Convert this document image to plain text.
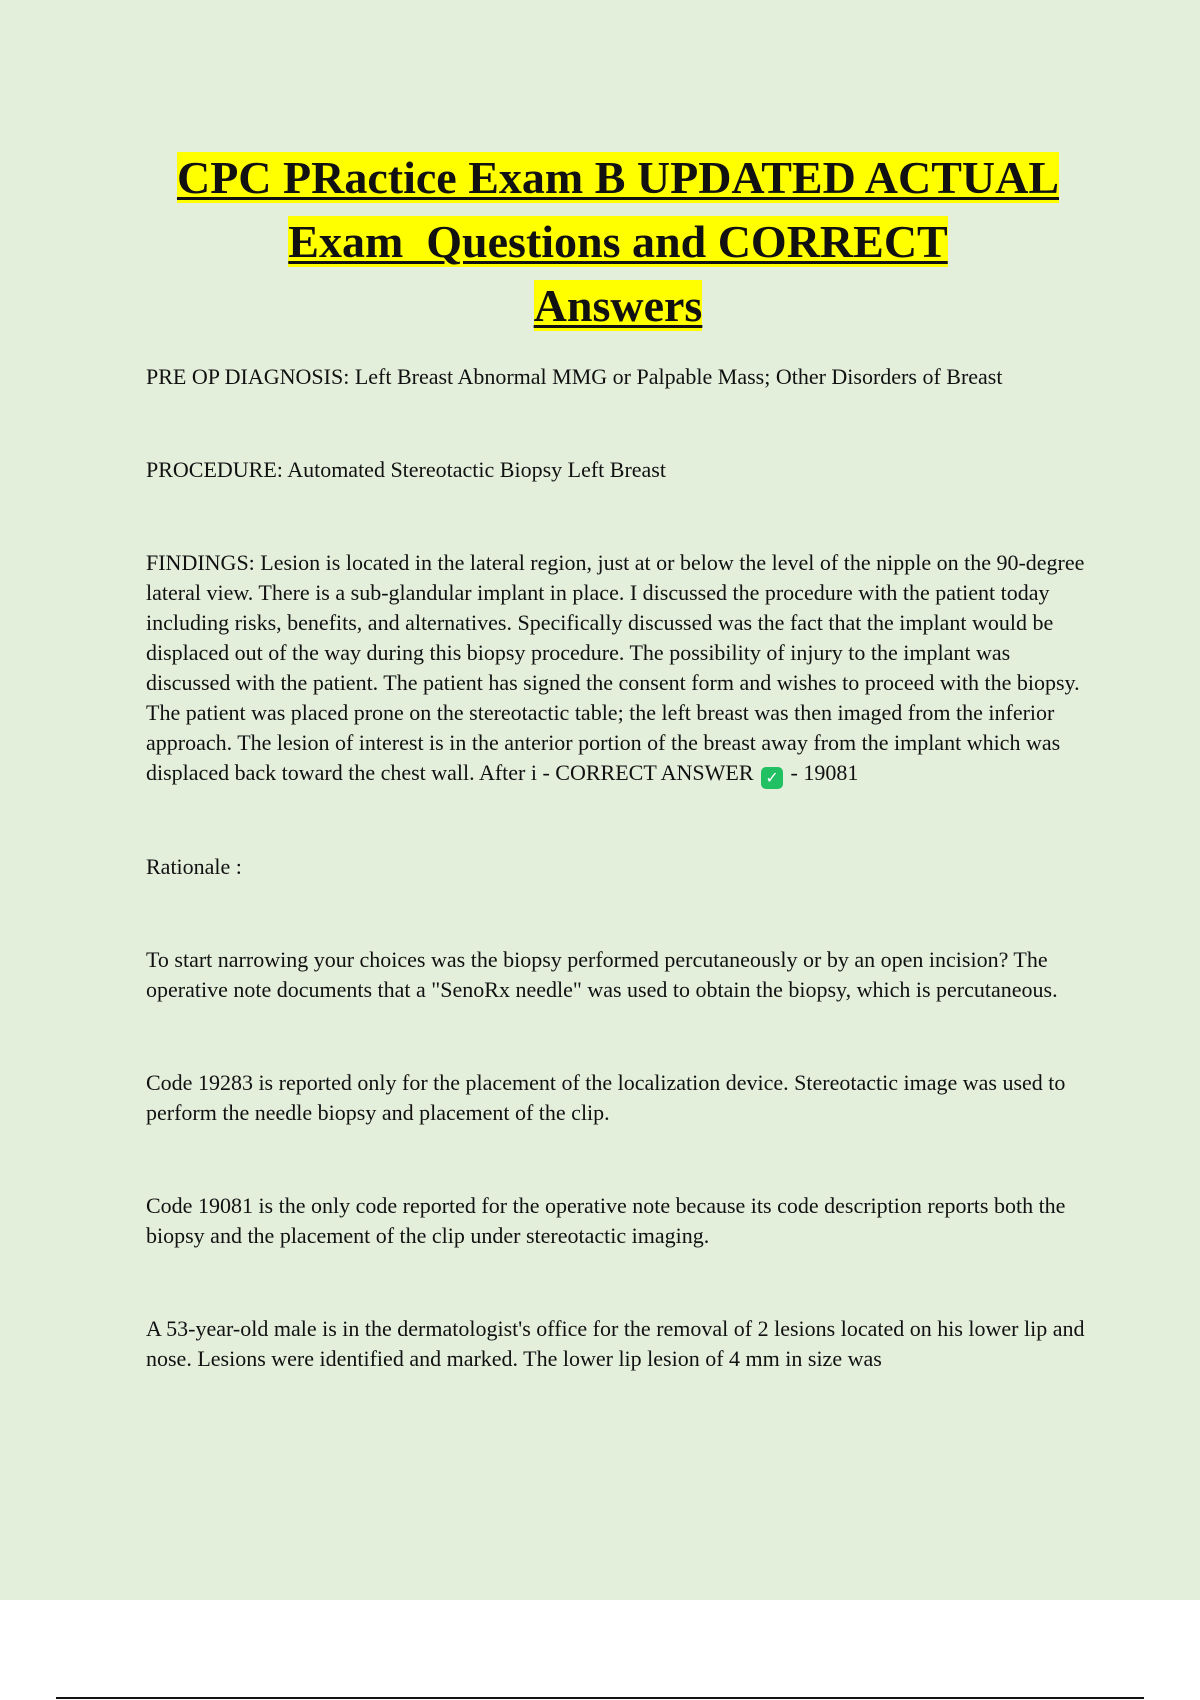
CPC PRactice Exam B UPDATED ACTUAL
Exam  Questions and CORRECT
Answers

PRE OP DIAGNOSIS: Left Breast Abnormal MMG or Palpable Mass; Other Disorders of Breast

PROCEDURE: Automated Stereotactic Biopsy Left Breast

FINDINGS: Lesion is located in the lateral region, just at or below the level of the nipple on the 90-degree lateral view. There is a sub-glandular implant in place. I discussed the procedure with the patient today including risks, benefits, and alternatives. Specifically discussed was the fact that the implant would be displaced out of the way during this biopsy procedure. The possibility of injury to the implant was discussed with the patient. The patient has signed the consent form and wishes to proceed with the biopsy. The patient was placed prone on the stereotactic table; the left breast was then imaged from the inferior approach. The lesion of interest is in the anterior portion of the breast away from the implant which was displaced back toward the chest wall. After i - CORRECT ANSWER ✓ - 19081

Rationale :

To start narrowing your choices was the biopsy performed percutaneously or by an open incision? The operative note documents that a "SenoRx needle" was used to obtain the biopsy, which is percutaneous.

Code 19283 is reported only for the placement of the localization device. Stereotactic image was used to perform the needle biopsy and placement of the clip.

Code 19081 is the only code reported for the operative note because its code description reports both the biopsy and the placement of the clip under stereotactic imaging.

A 53-year-old male is in the dermatologist's office for the removal of 2 lesions located on his lower lip and nose. Lesions were identified and marked. The lower lip lesion of 4 mm in size was
